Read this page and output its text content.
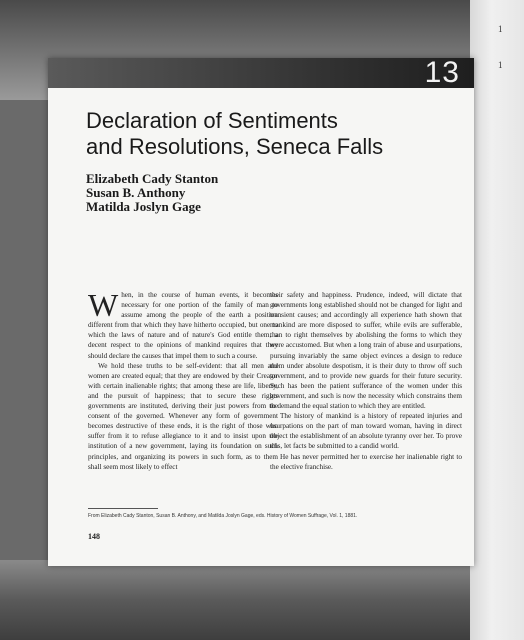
1
1
13
Declaration of Sentiments
and Resolutions, Seneca Falls
Elizabeth Cady Stanton
Susan B. Anthony
Matilda Joslyn Gage

When, in the course of human events, it becomes necessary for one portion of the family of man to assume among the people of the earth a position different from that which they have hitherto occupied, but one to which the laws of nature and of nature's God entitle them, a decent respect to the opinions of mankind requires that they should declare the causes that impel them to such a course.

We hold these truths to be self-evident: that all men and women are created equal; that they are endowed by their Creator with certain inalienable rights; that among these are life, liberty, and the pursuit of happiness; that to secure these rights governments are instituted, deriving their just powers from the consent of the governed. Whenever any form of government becomes destructive of these ends, it is the right of those who suffer from it to refuse allegiance to it and to insist upon the institution of a new government, laying its foundation on such principles, and organizing its powers in such form, as to them shall seem most likely to effect

their safety and happiness. Prudence, indeed, will dictate that governments long established should not be changed for light and transient causes; and accordingly all experience hath shown that mankind are more disposed to suffer, while evils are sufferable, than to right themselves by abolishing the forms to which they were accustomed. But when a long train of abuse and usurpations, pursuing invariably the same object evinces a design to reduce them under absolute despotism, it is their duty to throw off such government, and to provide new guards for their future security. Such has been the patient sufferance of the women under this government, and such is now the necessity which constrains them to demand the equal station to which they are entitled.

The history of mankind is a history of repeated injuries and usurpations on the part of man toward woman, having in direct object the establishment of an absolute tyranny over her. To prove this, let facts be submitted to a candid world.

He has never permitted her to exercise her inalienable right to the elective franchise.

From Elizabeth Cady Stanton, Susan B. Anthony, and Matilda Joslyn Gage, eds. History of Women Suffrage, Vol. 1, 1881.
148
